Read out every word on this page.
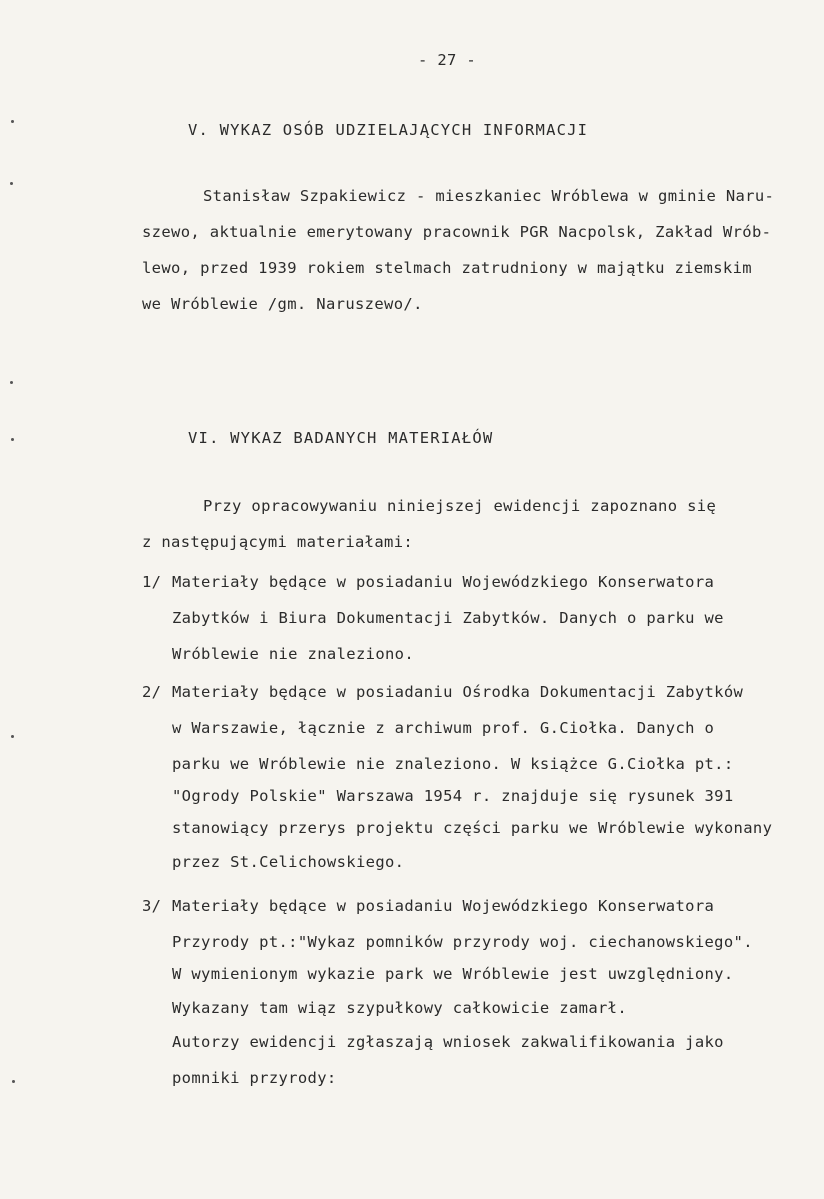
- 27 -
V. WYKAZ OSÓB UDZIELAJĄCYCH INFORMACJI
Stanisław Szpakiewicz - mieszkaniec Wróblewa w gminie Naru-
szewo, aktualnie emerytowany pracownik PGR Nacpolsk, Zakład Wrób-
lewo, przed 1939 rokiem stelmach zatrudniony w majątku ziemskim
we Wróblewie /gm. Naruszewo/.
VI. WYKAZ BADANYCH MATERIAŁÓW
Przy opracowywaniu niniejszej ewidencji zapoznano się
z następującymi materiałami:
1/ Materiały będące w posiadaniu Wojewódzkiego Konserwatora
Zabytków i Biura Dokumentacji Zabytków. Danych o parku we
Wróblewie nie znaleziono.
2/ Materiały będące w posiadaniu Ośrodka Dokumentacji Zabytków
w Warszawie, łącznie z archiwum prof. G.Ciołka. Danych o
parku we Wróblewie nie znaleziono. W książce G.Ciołka pt.:
"Ogrody Polskie" Warszawa 1954 r. znajduje się rysunek 391
stanowiący przerys projektu części parku we Wróblewie wykonany
przez St.Celichowskiego.
3/ Materiały będące w posiadaniu Wojewódzkiego Konserwatora
Przyrody pt.:"Wykaz pomników przyrody woj. ciechanowskiego".
W wymienionym wykazie park we Wróblewie jest uwzględniony.
Wykazany tam wiąz szypułkowy całkowicie zamarł.
Autorzy ewidencji zgłaszają wniosek zakwalifikowania jako
pomniki przyrody:
